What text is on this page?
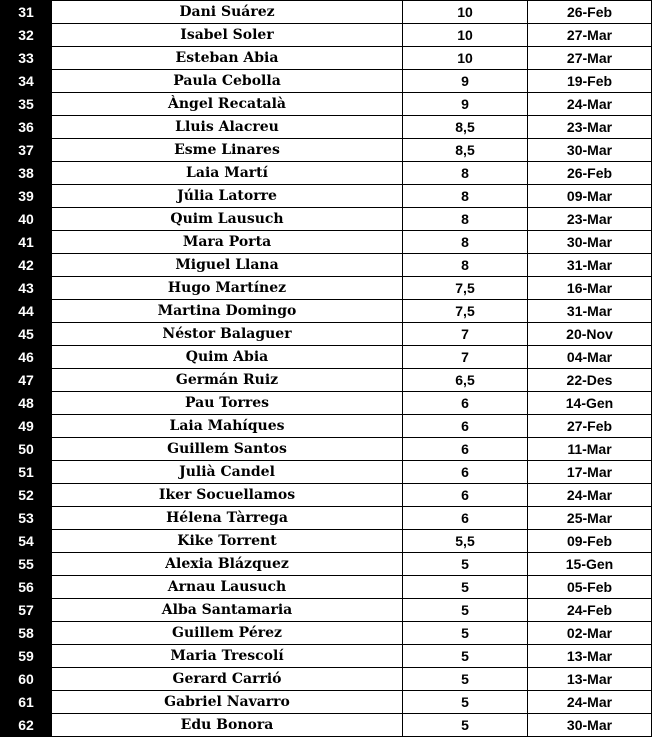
31	Dani Suárez	10	26-Feb
32	Isabel Soler	10	27-Mar
33	Esteban Abia	10	27-Mar
34	Paula Cebolla	9	19-Feb
35	Àngel Recatalà	9	24-Mar
36	Lluis Alacreu	8,5	23-Mar
37	Esme Linares	8,5	30-Mar
38	Laia Martí	8	26-Feb
39	Júlia Latorre	8	09-Mar
40	Quim Lausuch	8	23-Mar
41	Mara Porta	8	30-Mar
42	Miguel Llana	8	31-Mar
43	Hugo Martínez	7,5	16-Mar
44	Martina Domingo	7,5	31-Mar
45	Néstor Balaguer	7	20-Nov
46	Quim Abia	7	04-Mar
47	Germán Ruiz	6,5	22-Des
48	Pau Torres	6	14-Gen
49	Laia Mahíques	6	27-Feb
50	Guillem Santos	6	11-Mar
51	Julià Candel	6	17-Mar
52	Iker Socuellamos	6	24-Mar
53	Hélena Tàrrega	6	25-Mar
54	Kike Torrent	5,5	09-Feb
55	Alexia Blázquez	5	15-Gen
56	Arnau Lausuch	5	05-Feb
57	Alba Santamaria	5	24-Feb
58	Guillem Pérez	5	02-Mar
59	Maria Trescolí	5	13-Mar
60	Gerard Carrió	5	13-Mar
61	Gabriel Navarro	5	24-Mar
62	Edu Bonora	5	30-Mar
